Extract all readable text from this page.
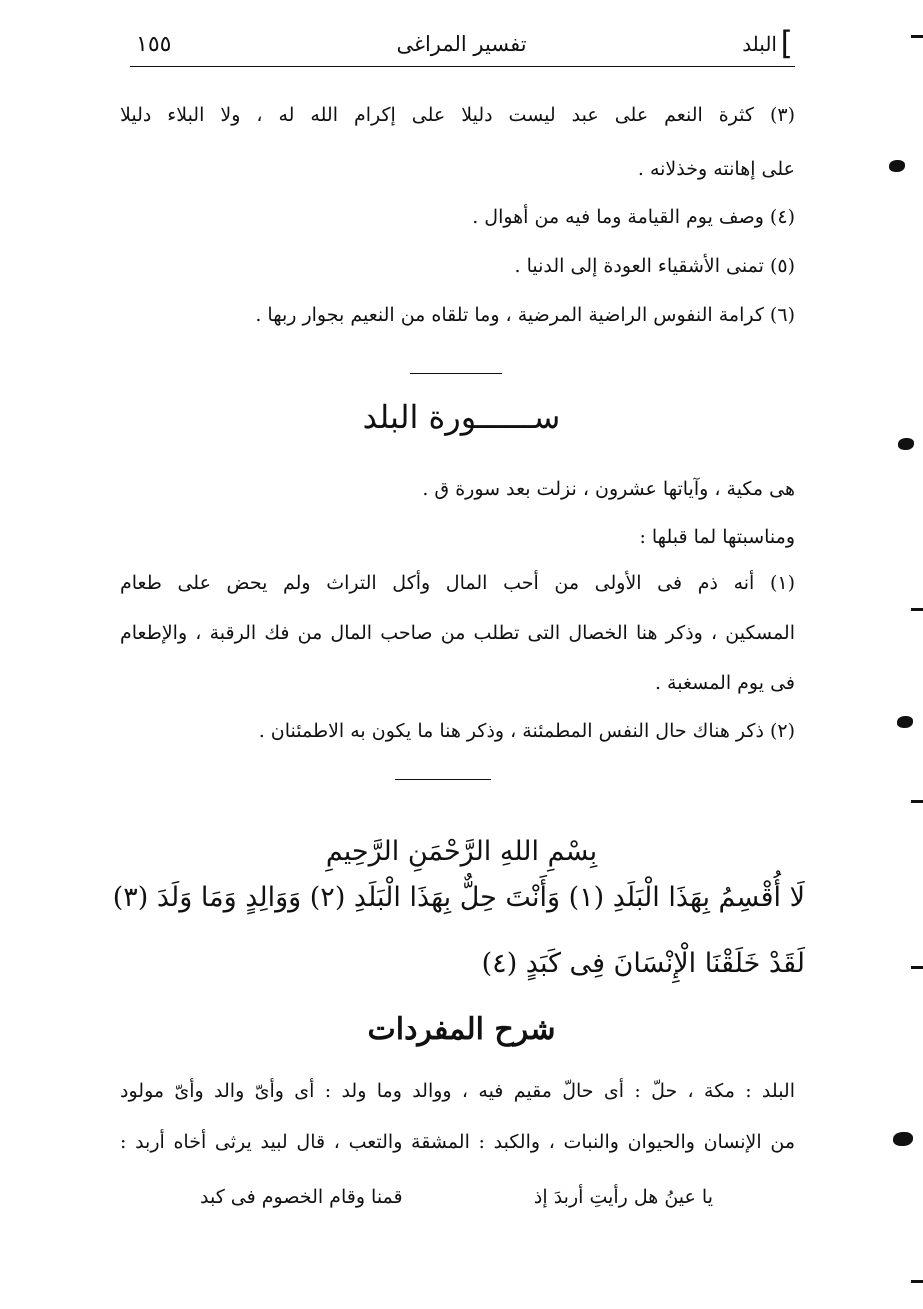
]
البلد
تفسير المراغى
١٥٥
(٣) كثرة النعم على عبد ليست دليلا على إكرام الله له ، ولا البلاء دليلا
على إهانته وخذلانه .
(٤) وصف يوم القيامة وما فيه من أهوال .
(٥) تمنى الأشقياء العودة إلى الدنيا .
(٦) كرامة النفوس الراضية المرضية ، وما تلقاه من النعيم بجوار ربها .
ســــــورة البلد
هى مكية ، وآياتها عشرون ، نزلت بعد سورة ق .
ومناسبتها لما قبلها :
(١) أنه ذم فى الأولى من أحب المال وأكل التراث ولم يحض على طعام
المسكين ، وذكر هنا الخصال التى تطلب من صاحب المال من فك الرقبة ، والإطعام
فى يوم المسغبة .
(٢) ذكر هناك حال النفس المطمئنة ، وذكر هنا ما يكون به الاطمئنان .
بِسْمِ اللهِ الرَّحْمَنِ الرَّحِيمِ
لَا أُقْسِمُ بِهَذَا الْبَلَدِ (١) وَأَنْتَ حِلٌّ بِهَذَا الْبَلَدِ (٢) وَوَالِدٍ وَمَا وَلَدَ (٣)
لَقَدْ خَلَقْنَا الْإِنْسَانَ فِى كَبَدٍ (٤)
شرح المفردات
البلد : مكة ، حلّ : أى حالّ مقيم فيه ، ووالد وما ولد : أى وأىّ والد وأىّ مولود
من الإنسان والحيوان والنبات ، والكبد : المشقة والتعب ، قال لبيد يرثى أخاه أربد :
يا عينُ هل رأيتِ أربدَ إذ
قمنا وقام الخصوم فى كبد
